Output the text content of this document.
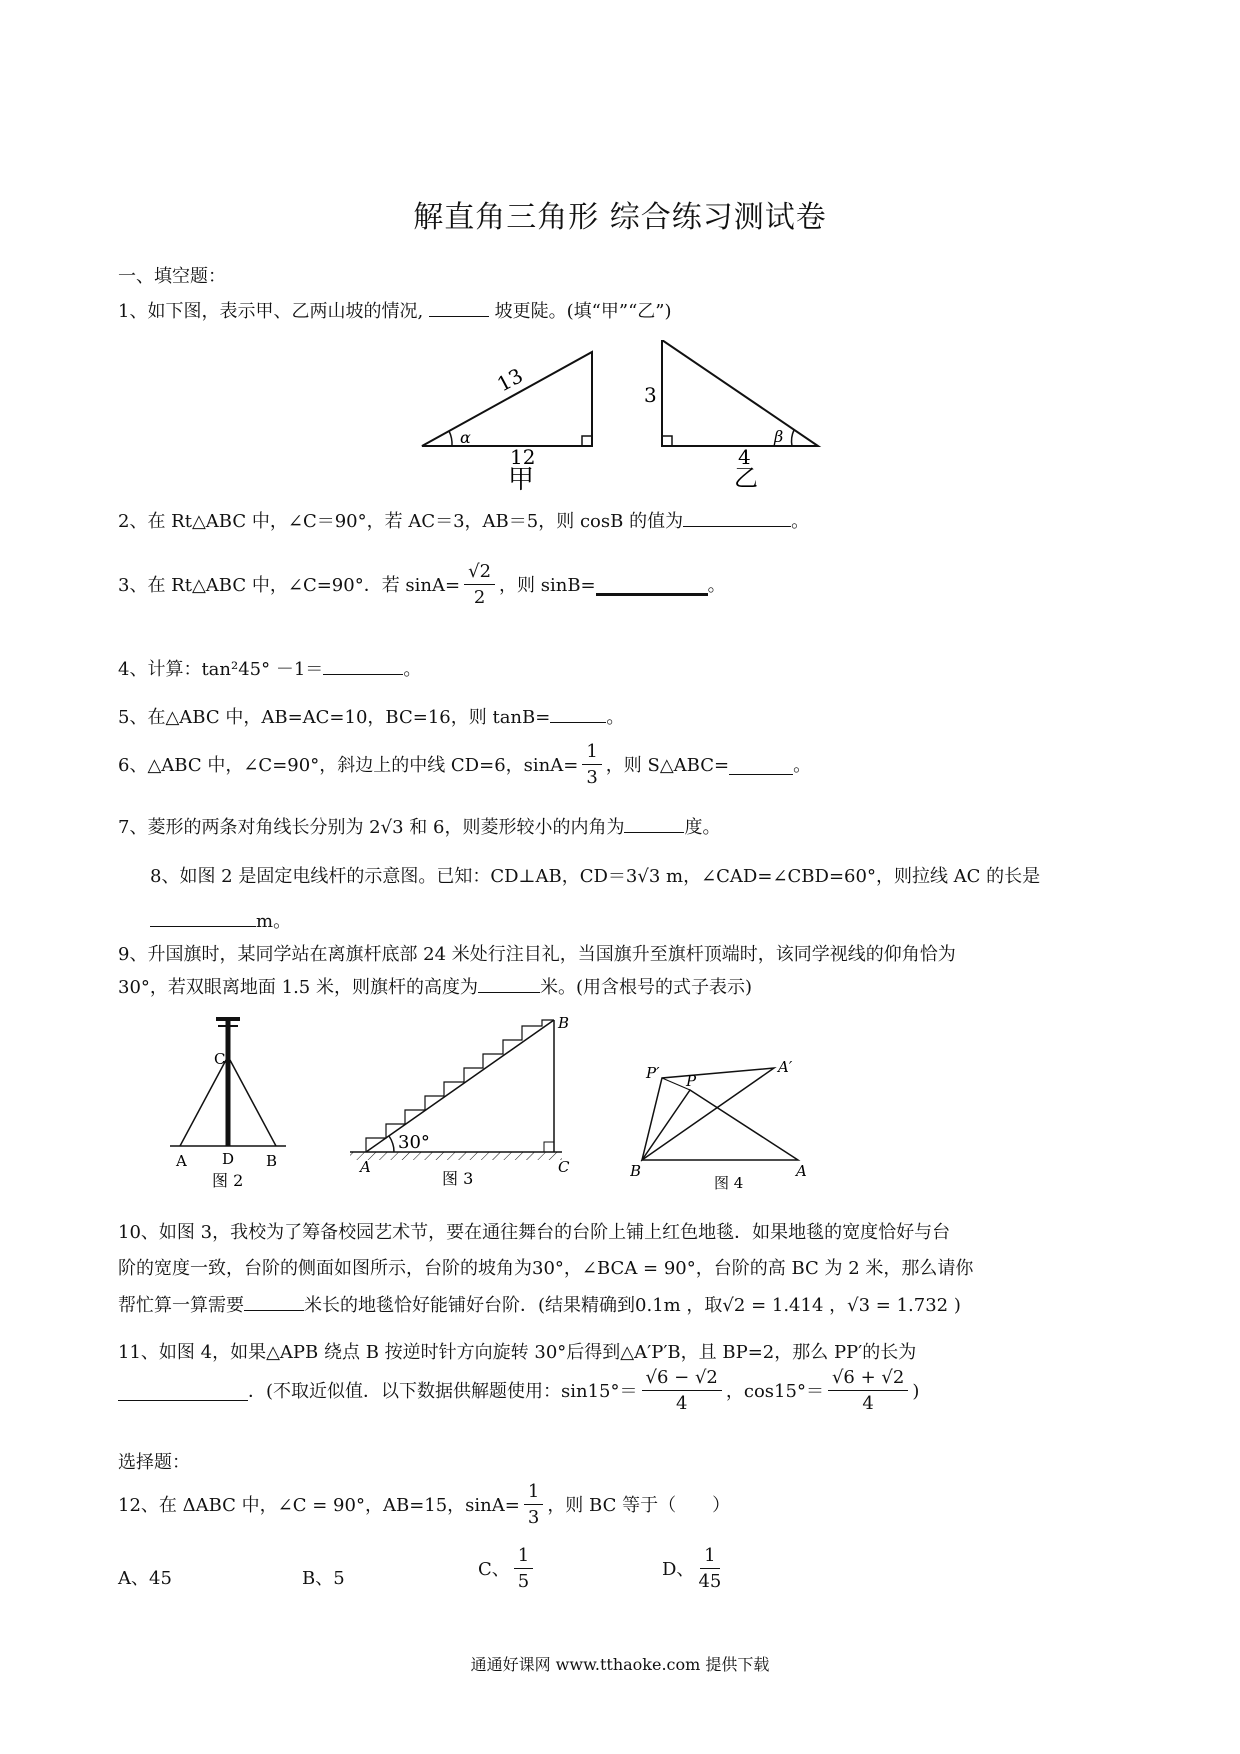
解直角三角形 综合练习测试卷
一、填空题：
1、如下图，表示甲、乙两山坡的情况,	坡更陡。(填“甲”“乙”)
13
α
12
甲
3
β
4
乙
2、在 Rt△ABC 中，∠C＝90°，若 AC＝3，AB＝5，则 cosB 的值为	。
3、在 Rt△ABC 中，∠C=90°．若 $\sin A= \frac{√2}{2}$ ，则 sinB=	。
4、计算：tan²45° －1＝	。
5、在△ABC 中，AB=AC=10，BC=16，则 tanB=	。
6、△ABC 中，∠C=90°，斜边上的中线 CD=6，$\sin A= \frac{1}{3}$ ，则 S△ABC=	。
7、菱形的两条对角线长分别为 2√3 和 6，则菱形较小的内角为	度。
8、如图 2 是固定电线杆的示意图。已知：CD⊥AB，CD＝3√3 m，∠CAD=∠CBD=60°，则拉线 AC 的长是
m。
9、升国旗时，某同学站在离旗杆底部 24 米处行注目礼，当国旗升至旗杆顶端时，该同学视线的仰角恰为
30°，若双眼离地面 1.5 米，则旗杆的高度为	米。(用含根号的式子表示)
C
A D B
图 2
30°
B
A	C
图 3
P′	A′
P
B	A
图 4
10、如图 3，我校为了筹备校园艺术节，要在通往舞台的台阶上铺上红色地毯．如果地毯的宽度恰好与台
阶的宽度一致，台阶的侧面如图所示，台阶的坡角为30°，∠BCA = 90°，台阶的高 BC 为 2 米，那么请你
帮忙算一算需要	米长的地毯恰好能铺好台阶．(结果精确到0.1m ，取√2 = 1.414 ，√3 = 1.732 )
11、如图 4，如果△APB 绕点 B 按逆时针方向旋转 30°后得到△A′P′B，且 BP=2，那么 PP′的长为
．(不取近似值．以下数据供解题使用：$\sin 15^\circ= \frac{√6 - √2}{4}$ ，$\cos 15^\circ= \frac{√6 + √2}{4}$ )
选择题：
12、在 ΔABC 中，∠C = 90°，AB=15，$\sin A= \frac{1}{3}$ ，则 BC 等于（　　）
A、45	B、5	C、 $\frac{1}{5}$	D、 $\frac{1}{45}$
通通好课网 www.tthaoke.com 提供下载
